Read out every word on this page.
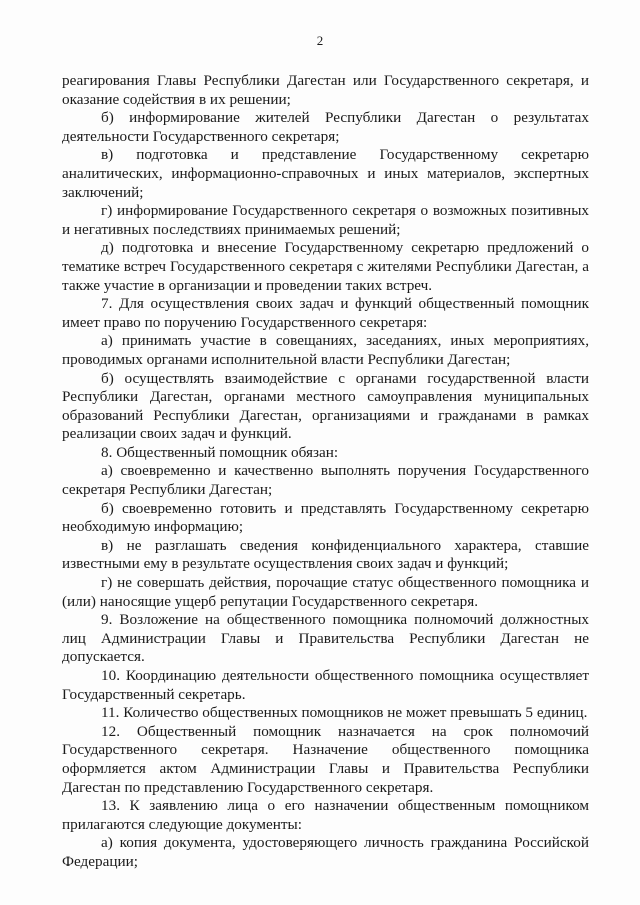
2

реагирования Главы Республики Дагестан или Государственного секретаря, и оказание содействия в их решении;

б) информирование жителей Республики Дагестан о результатах деятельности Государственного секретаря;

в) подготовка и представление Государственному секретарю аналитических, информационно-справочных и иных материалов, экспертных заключений;

г) информирование Государственного секретаря о возможных позитивных и негативных последствиях принимаемых решений;

д) подготовка и внесение Государственному секретарю предложений о тематике встреч Государственного секретаря с жителями Республики Дагестан, а также участие в организации и проведении таких встреч.

7. Для осуществления своих задач и функций общественный помощник имеет право по поручению Государственного секретаря:

а) принимать участие в совещаниях, заседаниях, иных мероприятиях, проводимых органами исполнительной власти Республики Дагестан;

б) осуществлять взаимодействие с органами государственной власти Республики Дагестан, органами местного самоуправления муниципальных образований Республики Дагестан, организациями и гражданами в рамках реализации своих задач и функций.

8. Общественный помощник обязан:

а) своевременно и качественно выполнять поручения Государственного секретаря Республики Дагестан;

б) своевременно готовить и представлять Государственному секретарю необходимую информацию;

в) не разглашать сведения конфиденциального характера, ставшие известными ему в результате осуществления своих задач и функций;

г) не совершать действия, порочащие статус общественного помощника и (или) наносящие ущерб репутации Государственного секретаря.

9. Возложение на общественного помощника полномочий должностных лиц Администрации Главы и Правительства Республики Дагестан не допускается.

10. Координацию деятельности общественного помощника осуществляет Государственный секретарь.

11. Количество общественных помощников не может превышать 5 единиц.

12. Общественный помощник назначается на срок полномочий Государственного секретаря. Назначение общественного помощника оформляется актом Администрации Главы и Правительства Республики Дагестан по представлению Государственного секретаря.

13. К заявлению лица о его назначении общественным помощником прилагаются следующие документы:

а) копия документа, удостоверяющего личность гражданина Российской Федерации;
